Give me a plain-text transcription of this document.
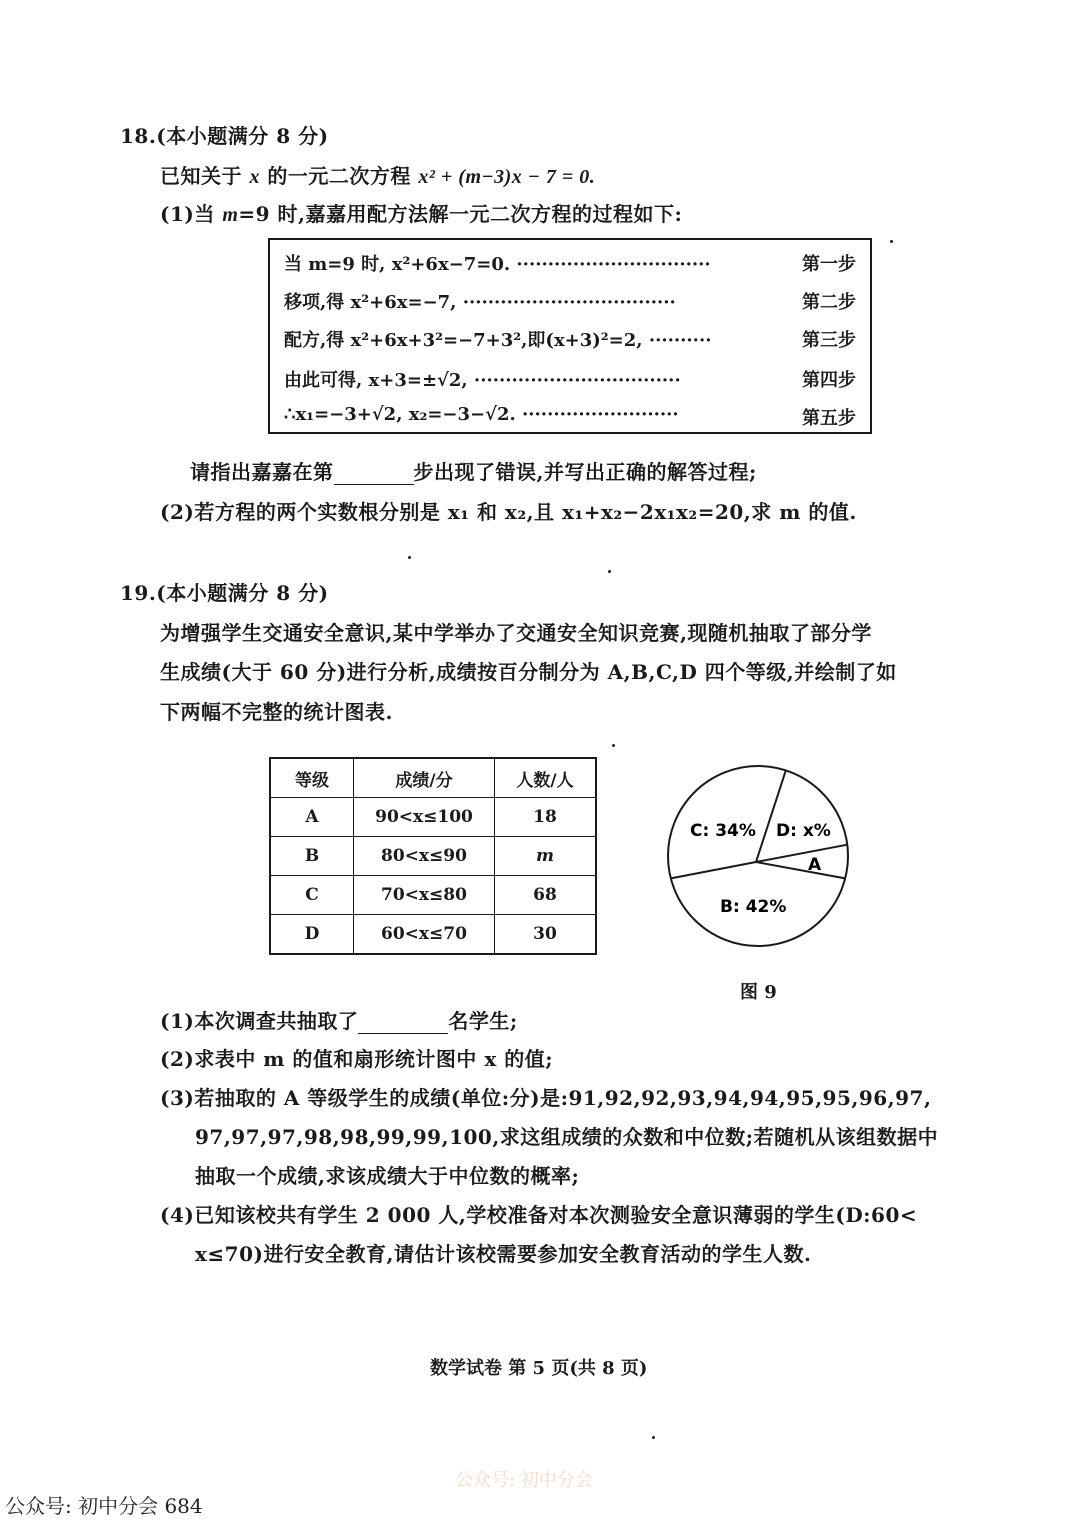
18.(本小题满分 8 分)
已知关于 x 的一元二次方程 x² + (m−3)x − 7 = 0.
(1)当 m=9 时,嘉嘉用配方法解一元二次方程的过程如下:
当 m=9 时, x²+6x−7=0. ·······························	第一步
移项,得 x²+6x=−7, ··································	第二步
配方,得 x²+6x+3²=−7+3²,即(x+3)²=2, ··········	第三步
由此可得, x+3=±√2, ·································	第四步
∴x₁=−3+√2, x₂=−3−√2. ·························	第五步
请指出嘉嘉在第	步出现了错误,并写出正确的解答过程;
(2)若方程的两个实数根分别是 x₁ 和 x₂,且 x₁+x₂−2x₁x₂=20,求 m 的值.
19.(本小题满分 8 分)
为增强学生交通安全意识,某中学举办了交通安全知识竞赛,现随机抽取了部分学
生成绩(大于 60 分)进行分析,成绩按百分制分为 A,B,C,D 四个等级,并绘制了如
下两幅不完整的统计图表.
等级	成绩/分	人数/人
A	90<x≤100	18
B	80<x≤90	m
C	70<x≤80	68
D	60<x≤70	30
C: 34% D: x%
A
B: 42%
图 9
(1)本次调查共抽取了	名学生;
(2)求表中 m 的值和扇形统计图中 x 的值;
(3)若抽取的 A 等级学生的成绩(单位:分)是:91,92,92,93,94,94,95,95,96,97,
97,97,97,98,98,99,99,100,求这组成绩的众数和中位数;若随机从该组数据中
抽取一个成绩,求该成绩大于中位数的概率;
(4)已知该校共有学生 2 000 人,学校准备对本次测验安全意识薄弱的学生(D:60<
x≤70)进行安全教育,请估计该校需要参加安全教育活动的学生人数.
数学试卷 第 5 页(共 8 页)
公众号: 初中分会
公众号: 初中分会 684
